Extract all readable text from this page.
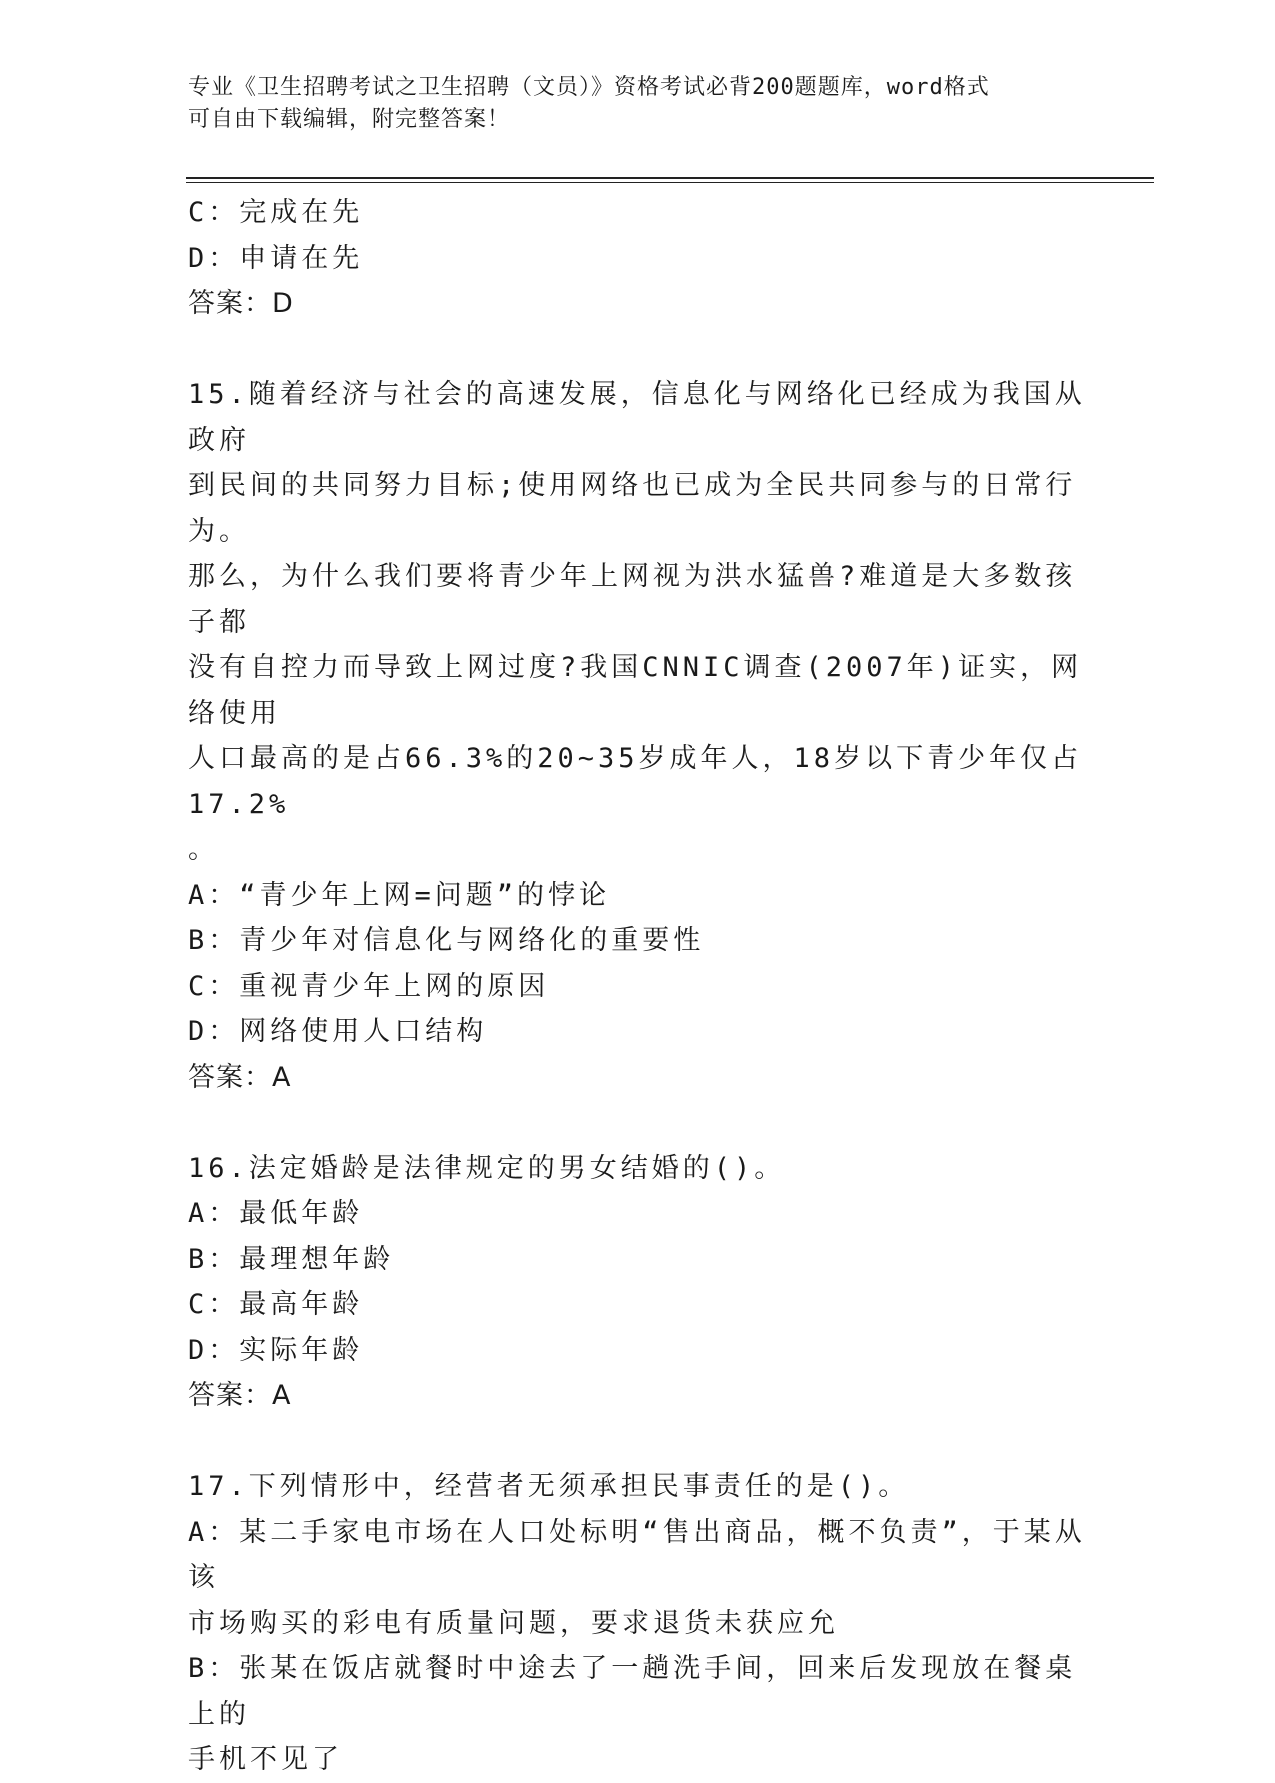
专业《卫生招聘考试之卫生招聘（文员）》资格考试必背200题题库，word格式
可自由下载编辑，附完整答案！
C：完成在先
D：申请在先
答案：D
15.随着经济与社会的高速发展，信息化与网络化已经成为我国从政府
到民间的共同努力目标;使用网络也已成为全民共同参与的日常行为。
那么，为什么我们要将青少年上网视为洪水猛兽?难道是大多数孩子都
没有自控力而导致上网过度?我国CNNIC调查(2007年)证实，网络使用
人口最高的是占66.3%的20~35岁成年人，18岁以下青少年仅占17.2%
。
A：“青少年上网=问题”的悖论
B：青少年对信息化与网络化的重要性
C：重视青少年上网的原因
D：网络使用人口结构
答案：A
16.法定婚龄是法律规定的男女结婚的()。
A：最低年龄
B：最理想年龄
C：最高年龄
D：实际年龄
答案：A
17.下列情形中，经营者无须承担民事责任的是()。
A：某二手家电市场在人口处标明“售出商品，概不负责”，于某从该
市场购买的彩电有质量问题，要求退货未获应允
B：张某在饭店就餐时中途去了一趟洗手间，回来后发现放在餐桌上的
手机不见了
